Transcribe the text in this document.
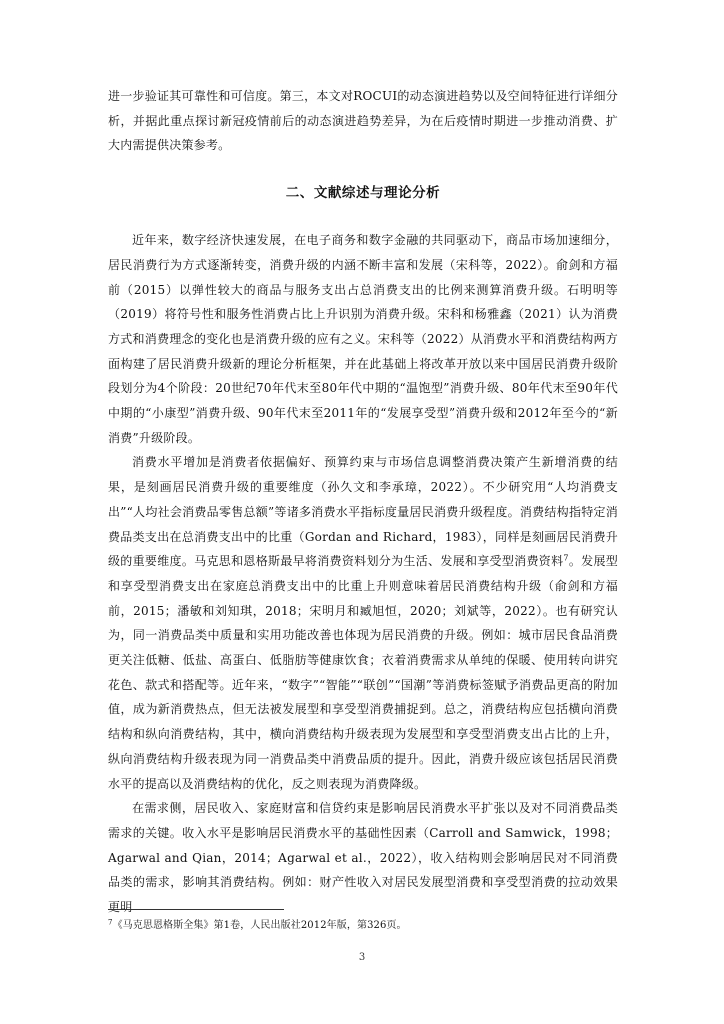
进一步验证其可靠性和可信度。第三，本文对ROCUI的动态演进趋势以及空间特征进行详细分析，并据此重点探讨新冠疫情前后的动态演进趋势差异，为在后疫情时期进一步推动消费、扩大内需提供决策参考。

二、文献综述与理论分析

近年来，数字经济快速发展，在电子商务和数字金融的共同驱动下，商品市场加速细分，居民消费行为方式逐渐转变，消费升级的内涵不断丰富和发展（宋科等，2022）。俞剑和方福前（2015）以弹性较大的商品与服务支出占总消费支出的比例来测算消费升级。石明明等（2019）将符号性和服务性消费占比上升识别为消费升级。宋科和杨雅鑫（2021）认为消费方式和消费理念的变化也是消费升级的应有之义。宋科等（2022）从消费水平和消费结构两方面构建了居民消费升级新的理论分析框架，并在此基础上将改革开放以来中国居民消费升级阶段划分为4个阶段：20世纪70年代末至80年代中期的“温饱型”消费升级、80年代末至90年代中期的“小康型”消费升级、90年代末至2011年的“发展享受型”消费升级和2012年至今的“新消费”升级阶段。

消费水平增加是消费者依据偏好、预算约束与市场信息调整消费决策产生新增消费的结果，是刻画居民消费升级的重要维度（孙久文和李承璋，2022）。不少研究用“人均消费支出”“人均社会消费品零售总额”等诸多消费水平指标度量居民消费升级程度。消费结构指特定消费品类支出在总消费支出中的比重（Gordan and Richard，1983），同样是刻画居民消费升级的重要维度。马克思和恩格斯最早将消费资料划分为生活、发展和享受型消费资料$^7$。发展型和享受型消费支出在家庭总消费支出中的比重上升则意味着居民消费结构升级（俞剑和方福前，2015；潘敏和刘知琪，2018；宋明月和臧旭恒，2020；刘斌等，2022）。也有研究认为，同一消费品类中质量和实用功能改善也体现为居民消费的升级。例如：城市居民食品消费更关注低糖、低盐、高蛋白、低脂肪等健康饮食；衣着消费需求从单纯的保暖、使用转向讲究花色、款式和搭配等。近年来，“数字”“智能”“联创”“国潮”等消费标签赋予消费品更高的附加值，成为新消费热点，但无法被发展型和享受型消费捕捉到。总之，消费结构应包括横向消费结构和纵向消费结构，其中，横向消费结构升级表现为发展型和享受型消费支出占比的上升，纵向消费结构升级表现为同一消费品类中消费品质的提升。因此，消费升级应该包括居民消费水平的提高以及消费结构的优化，反之则表现为消费降级。

在需求侧，居民收入、家庭财富和信贷约束是影响居民消费水平扩张以及对不同消费品类需求的关键。收入水平是影响居民消费水平的基础性因素（Carroll and Samwick，1998；Agarwal and Qian，2014；Agarwal et al.，2022），收入结构则会影响居民对不同消费品类的需求，影响其消费结构。例如：财产性收入对居民发展型消费和享受型消费的拉动效果更明

$^7$《马克思恩格斯全集》第1卷，人民出版社2012年版，第326页。
3
